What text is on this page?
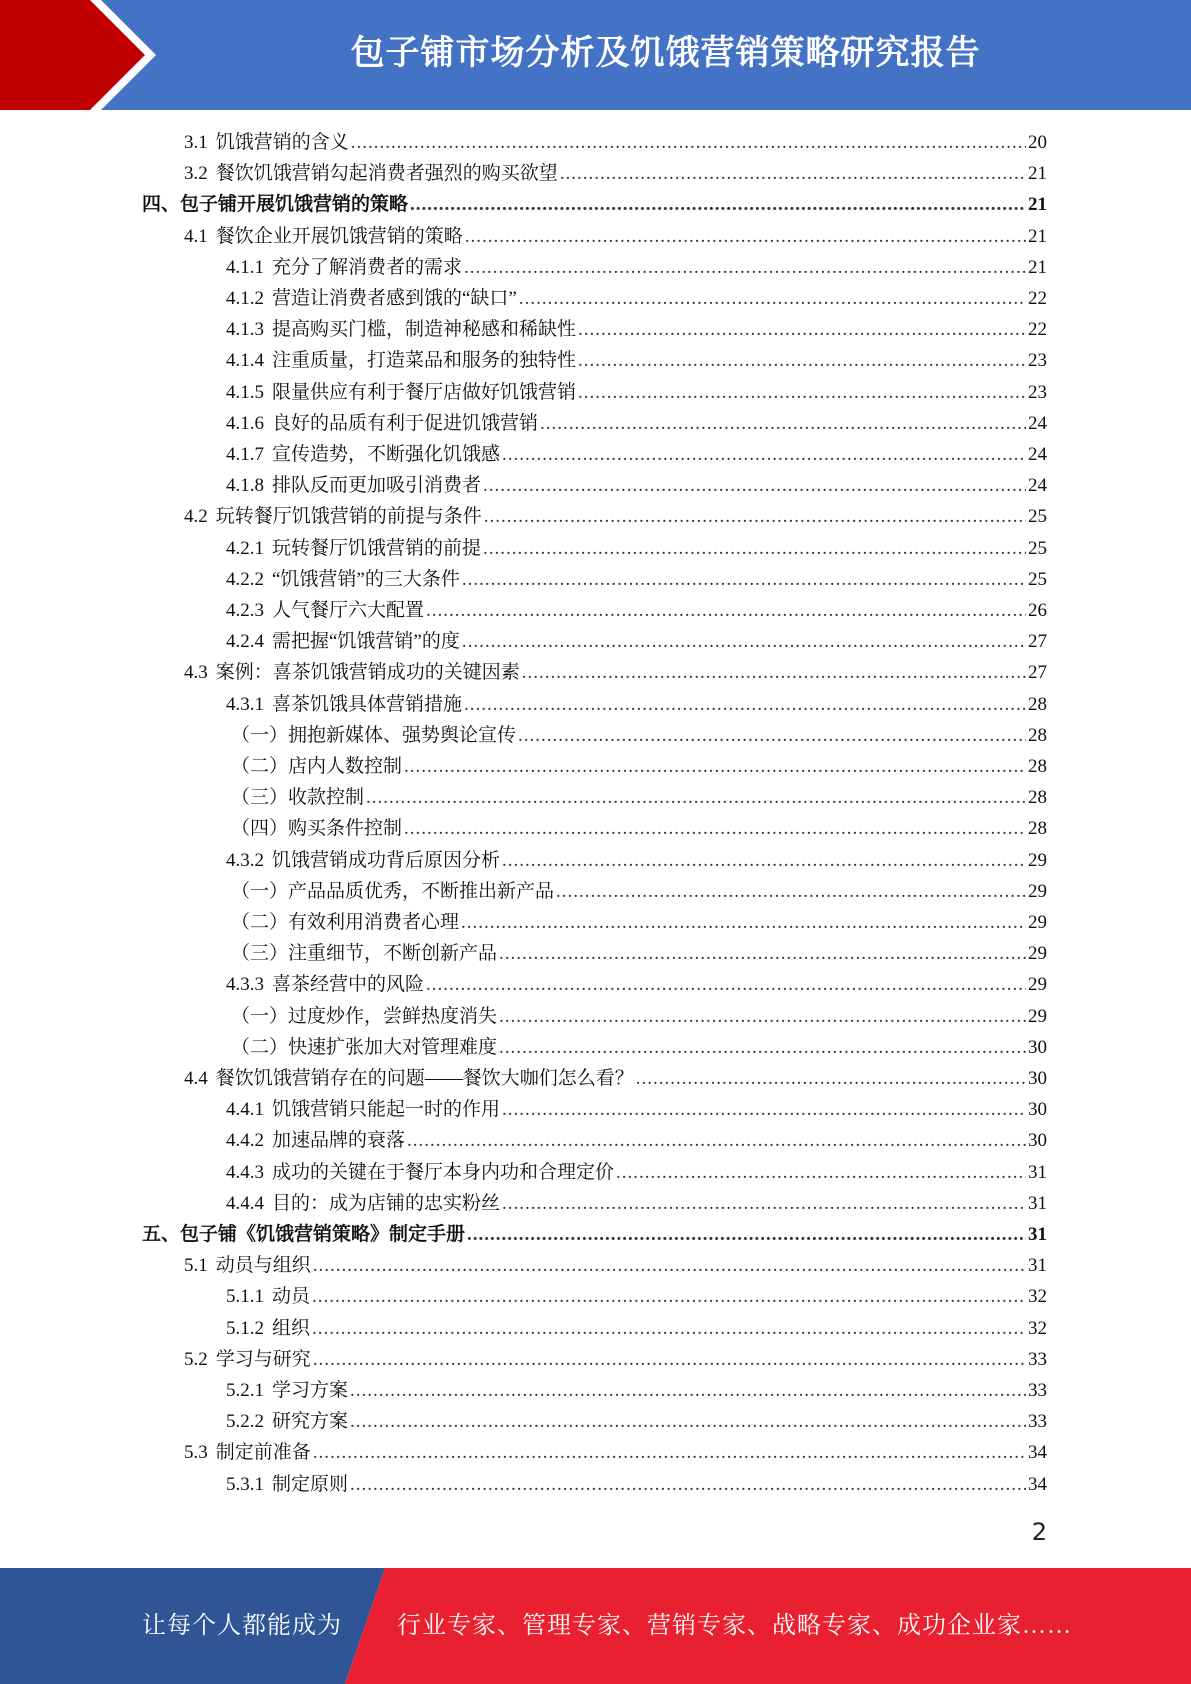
包子铺市场分析及饥饿营销策略研究报告
3.1 饥饿营销的含义 .....	20
3.2 餐饮饥饿营销勾起消费者强烈的购买欲望 .....	21
四、包子铺开展饥饿营销的策略 .....	21
4.1 餐饮企业开展饥饿营销的策略 .....	21
4.1.1 充分了解消费者的需求 .....	21
4.1.2 营造让消费者感到饿的“缺口” .....	22
4.1.3 提高购买门槛，制造神秘感和稀缺性 .....	22
4.1.4 注重质量，打造菜品和服务的独特性 .....	23
4.1.5 限量供应有利于餐厅店做好饥饿营销 .....	23
4.1.6 良好的品质有利于促进饥饿营销 .....	24
4.1.7 宣传造势，不断强化饥饿感 .....	24
4.1.8 排队反而更加吸引消费者 .....	24
4.2 玩转餐厅饥饿营销的前提与条件 .....	25
4.2.1 玩转餐厅饥饿营销的前提 .....	25
4.2.2 “饥饿营销”的三大条件 .....	25
4.2.3 人气餐厅六大配置 .....	26
4.2.4 需把握“饥饿营销”的度 .....	27
4.3 案例：喜茶饥饿营销成功的关键因素 .....	27
4.3.1 喜茶饥饿具体营销措施 .....	28
（一）拥抱新媒体、强势舆论宣传 .....	28
（二）店内人数控制 .....	28
（三）收款控制 .....	28
（四）购买条件控制 .....	28
4.3.2 饥饿营销成功背后原因分析 .....	29
（一）产品品质优秀，不断推出新产品 .....	29
（二）有效利用消费者心理 .....	29
（三）注重细节，不断创新产品 .....	29
4.3.3 喜茶经营中的风险 .....	29
（一）过度炒作，尝鲜热度消失 .....	29
（二）快速扩张加大对管理难度 .....	30
4.4 餐饮饥饿营销存在的问题——餐饮大咖们怎么看？ .....	30
4.4.1 饥饿营销只能起一时的作用 .....	30
4.4.2 加速品牌的衰落 .....	30
4.4.3 成功的关键在于餐厅本身内功和合理定价 .....	31
4.4.4 目的：成为店铺的忠实粉丝 .....	31
五、包子铺《饥饿营销策略》制定手册 .....	31
5.1 动员与组织 .....	31
5.1.1 动员 .....	32
5.1.2 组织 .....	32
5.2 学习与研究 .....	33
5.2.1 学习方案 .....	33
5.2.2 研究方案 .....	33
5.3 制定前准备 .....	34
5.3.1 制定原则 .....	34
2
让每个人都能成为 行业专家、管理专家、营销专家、战略专家、成功企业家……
